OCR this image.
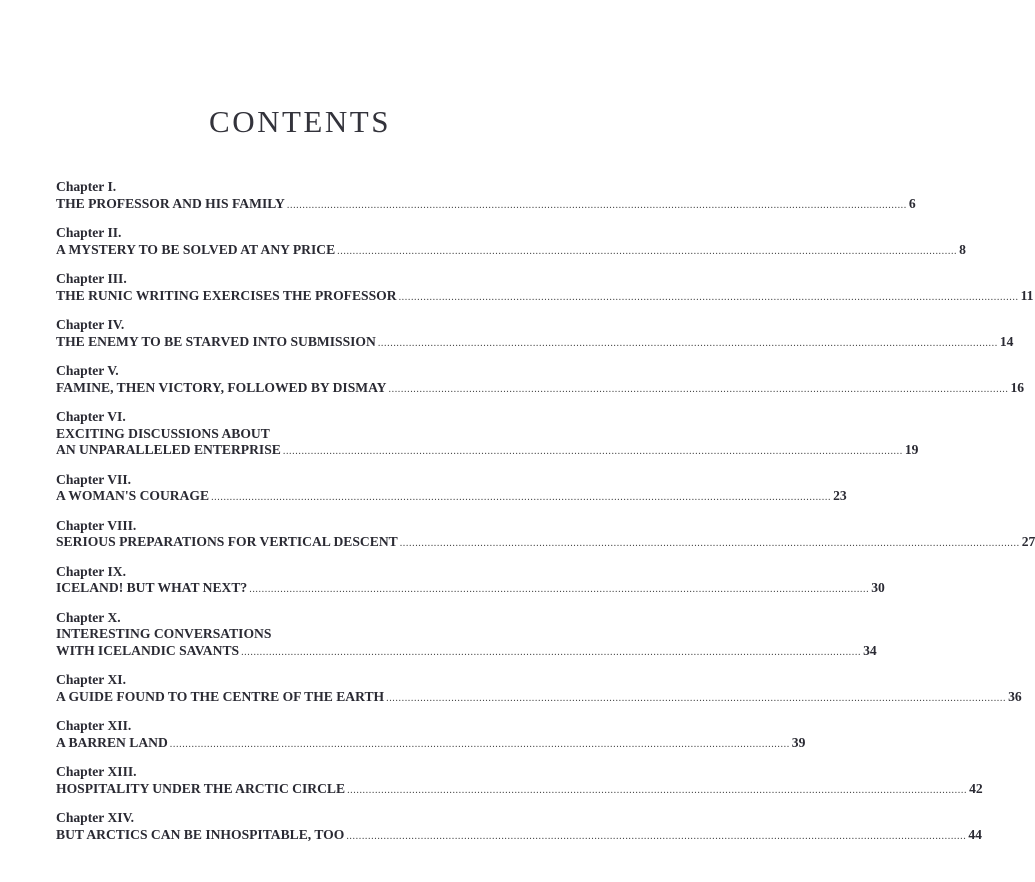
CONTENTS
Chapter I.
THE PROFESSOR AND HIS FAMILY ........................................................................................................................................................................................................ 6
Chapter II.
A MYSTERY TO BE SOLVED AT ANY PRICE ........................................................................................................................................................................................................ 8
Chapter III.
THE RUNIC WRITING EXERCISES THE PROFESSOR ........................................................................................................................................................................................................ 11
Chapter IV.
THE ENEMY TO BE STARVED INTO SUBMISSION ........................................................................................................................................................................................................ 14
Chapter V.
FAMINE, THEN VICTORY, FOLLOWED BY DISMAY ........................................................................................................................................................................................................ 16
Chapter VI.
EXCITING DISCUSSIONS ABOUT
AN UNPARALLELED ENTERPRISE ........................................................................................................................................................................................................ 19
Chapter VII.
A WOMAN'S COURAGE ........................................................................................................................................................................................................ 23
Chapter VIII.
SERIOUS PREPARATIONS FOR VERTICAL DESCENT ........................................................................................................................................................................................................ 27
Chapter IX.
ICELAND! BUT WHAT NEXT? ........................................................................................................................................................................................................ 30
Chapter X.
INTERESTING CONVERSATIONS
WITH ICELANDIC SAVANTS ........................................................................................................................................................................................................ 34
Chapter XI.
A GUIDE FOUND TO THE CENTRE OF THE EARTH ........................................................................................................................................................................................................ 36
Chapter XII.
A BARREN LAND ........................................................................................................................................................................................................ 39
Chapter XIII.
HOSPITALITY UNDER THE ARCTIC CIRCLE ........................................................................................................................................................................................................ 42
Chapter XIV.
BUT ARCTICS CAN BE INHOSPITABLE, TOO ........................................................................................................................................................................................................ 44
